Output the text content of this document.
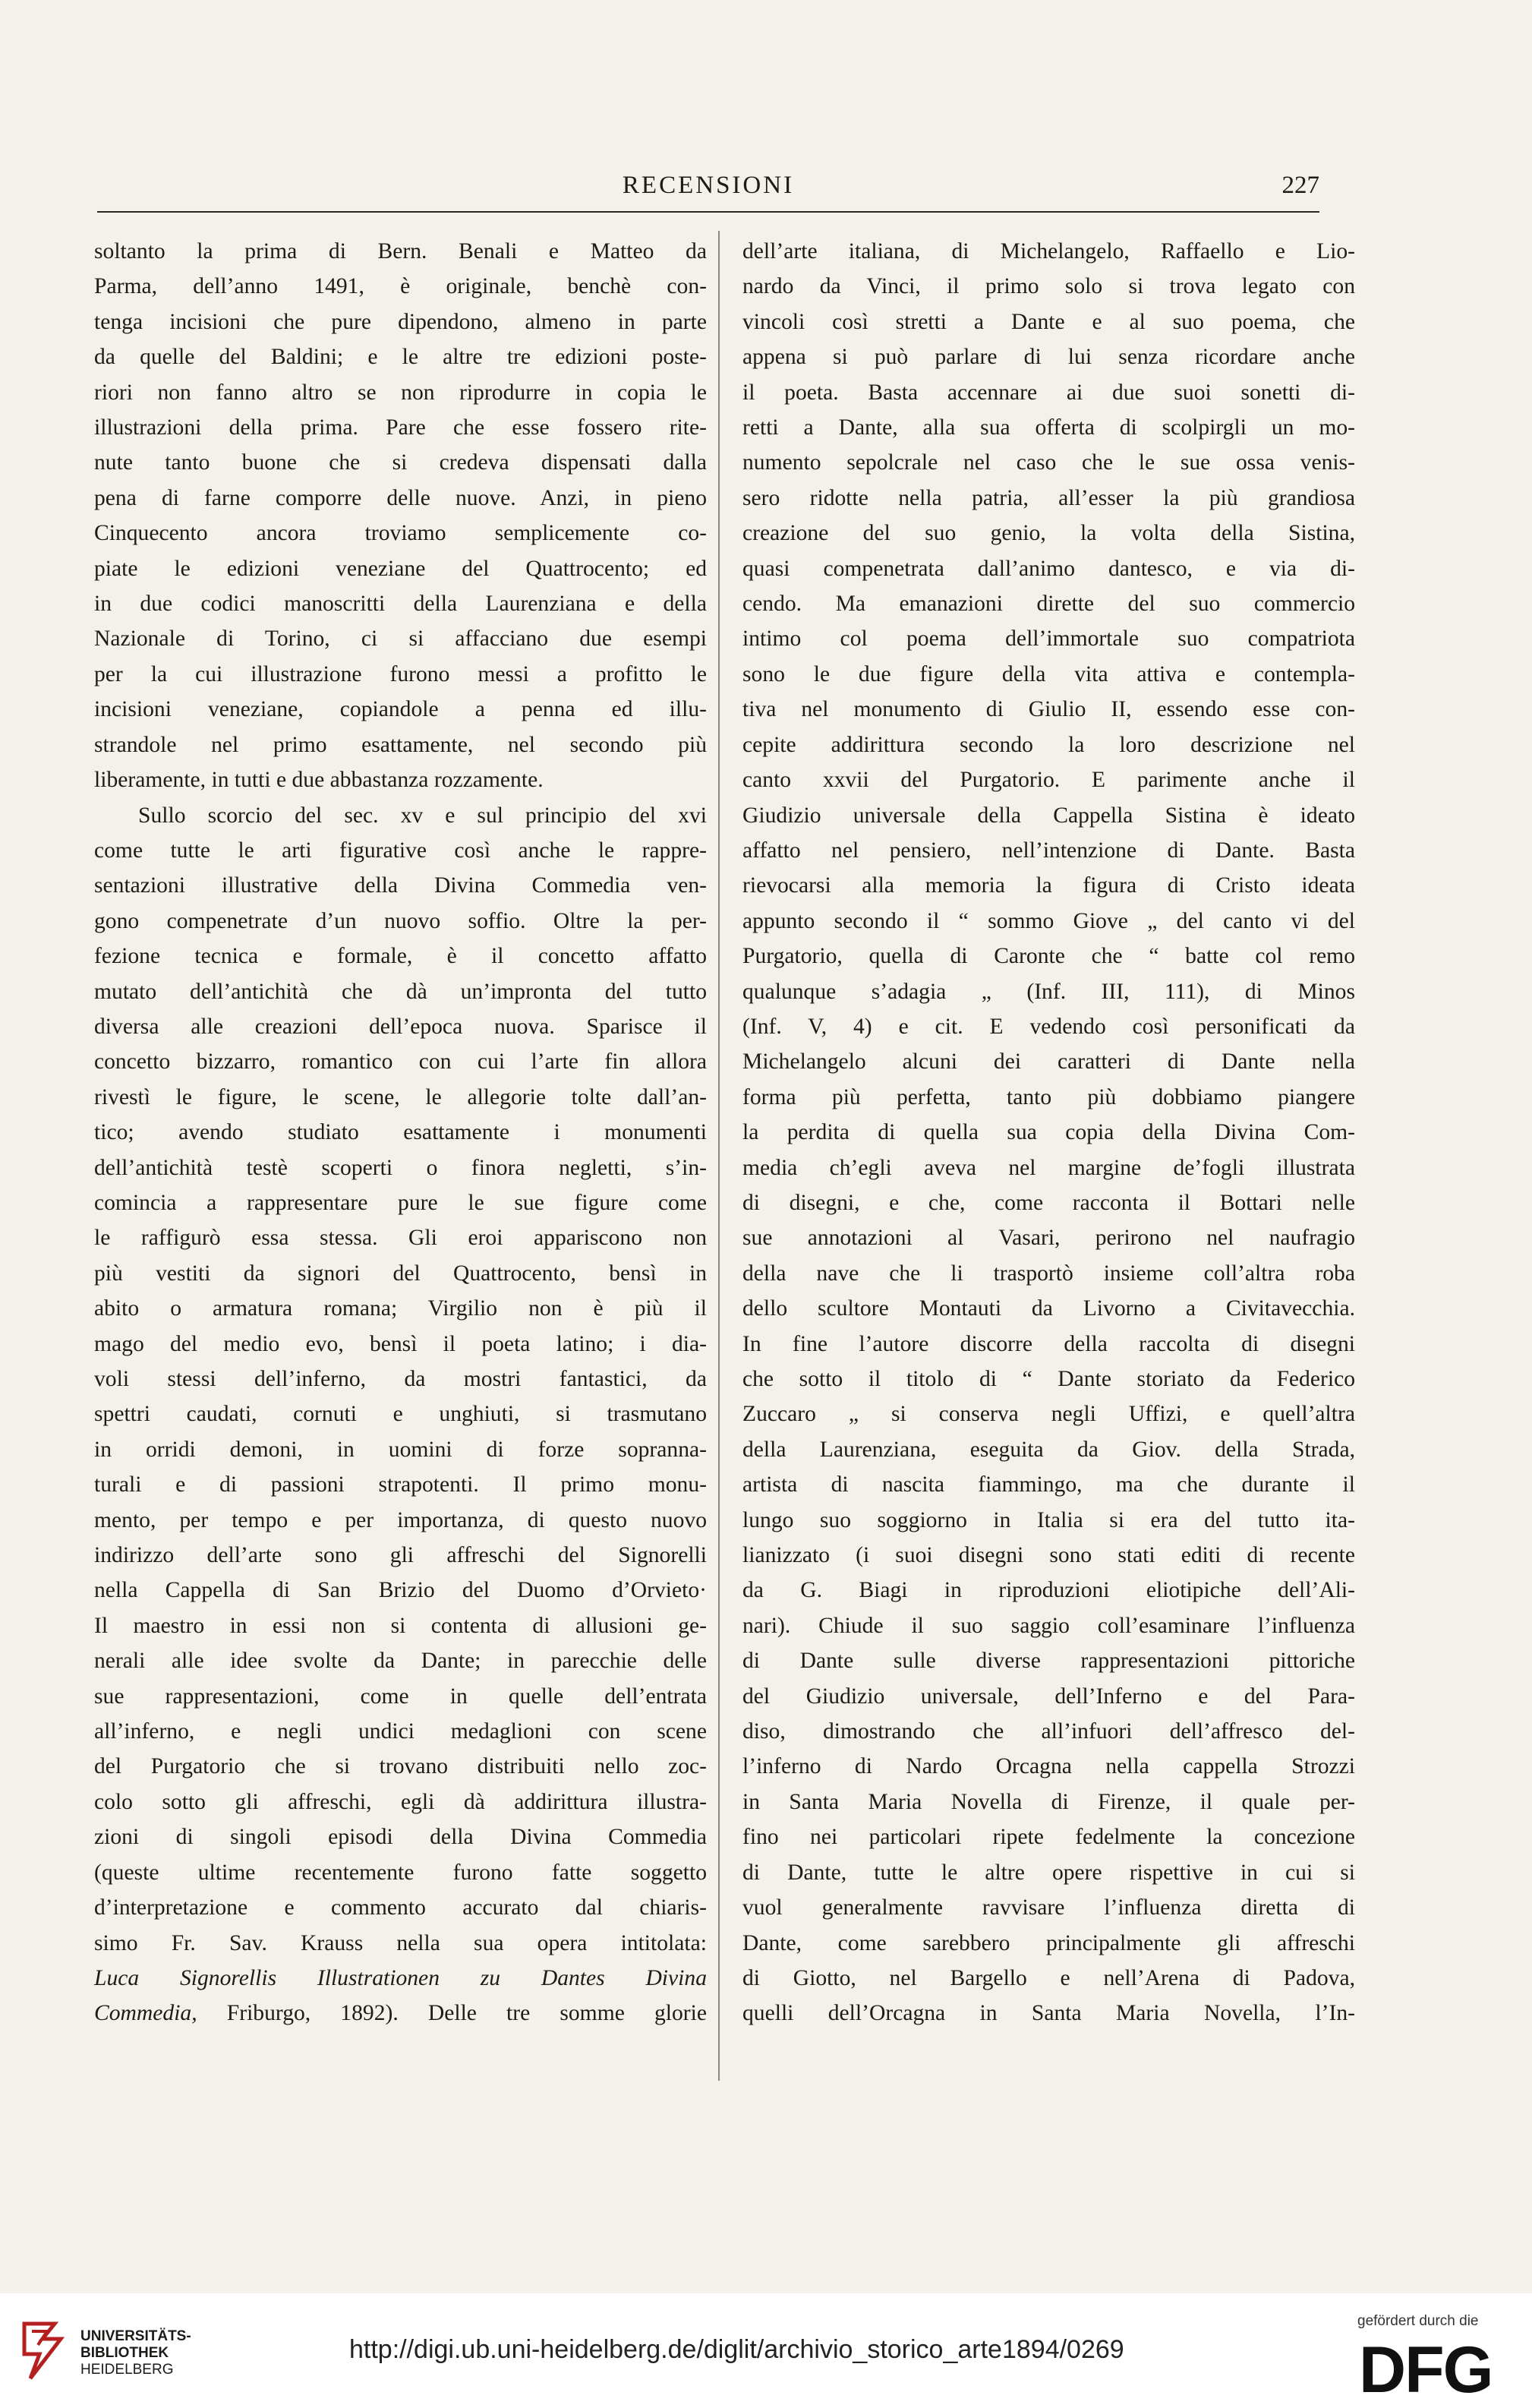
RECENSIONI	227
soltanto la prima di Bern. Benali e Matteo da
Parma, dell’anno 1491, è originale, benchè con-
tenga incisioni che pure dipendono, almeno in parte
da quelle del Baldini; e le altre tre edizioni poste-
riori non fanno altro se non riprodurre in copia le
illustrazioni della prima. Pare che esse fossero rite-
nute tanto buone che si credeva dispensati dalla
pena di farne comporre delle nuove. Anzi, in pieno
Cinquecento ancora troviamo semplicemente co-
piate le edizioni veneziane del Quattrocento; ed
in due codici manoscritti della Laurenziana e della
Nazionale di Torino, ci si affacciano due esempi
per la cui illustrazione furono messi a profitto le
incisioni veneziane, copiandole a penna ed illu-
strandole nel primo esattamente, nel secondo più
liberamente, in tutti e due abbastanza rozzamente.
Sullo scorcio del sec. xv e sul principio del xvi
come tutte le arti figurative così anche le rappre-
sentazioni illustrative della Divina Commedia ven-
gono compenetrate d’un nuovo soffio. Oltre la per-
fezione tecnica e formale, è il concetto affatto
mutato dell’antichità che dà un’impronta del tutto
diversa alle creazioni dell’epoca nuova. Sparisce il
concetto bizzarro, romantico con cui l’arte fin allora
rivestì le figure, le scene, le allegorie tolte dall’an-
tico; avendo studiato esattamente i monumenti
dell’antichità testè scoperti o finora negletti, s’in-
comincia a rappresentare pure le sue figure come
le raffigurò essa stessa. Gli eroi appariscono non
più vestiti da signori del Quattrocento, bensì in
abito o armatura romana; Virgilio non è più il
mago del medio evo, bensì il poeta latino; i dia-
voli stessi dell’inferno, da mostri fantastici, da
spettri caudati, cornuti e unghiuti, si trasmutano
in orridi demoni, in uomini di forze sopranna-
turali e di passioni strapotenti. Il primo monu-
mento, per tempo e per importanza, di questo nuovo
indirizzo dell’arte sono gli affreschi del Signorelli
nella Cappella di San Brizio del Duomo d’Orvieto·
Il maestro in essi non si contenta di allusioni ge-
nerali alle idee svolte da Dante; in parecchie delle
sue rappresentazioni, come in quelle dell’entrata
all’inferno, e negli undici medaglioni con scene
del Purgatorio che si trovano distribuiti nello zoc-
colo sotto gli affreschi, egli dà addirittura illustra-
zioni di singoli episodi della Divina Commedia
(queste ultime recentemente furono fatte soggetto
d’interpretazione e commento accurato dal chiaris-
simo Fr. Sav. Krauss nella sua opera intitolata:
Luca Signorellis Illustrationen zu Dantes Divina
Commedia, Friburgo, 1892). Delle tre somme glorie
dell’arte italiana, di Michelangelo, Raffaello e Lio-
nardo da Vinci, il primo solo si trova legato con
vincoli così stretti a Dante e al suo poema, che
appena si può parlare di lui senza ricordare anche
il poeta. Basta accennare ai due suoi sonetti di-
retti a Dante, alla sua offerta di scolpirgli un mo-
numento sepolcrale nel caso che le sue ossa venis-
sero ridotte nella patria, all’esser la più grandiosa
creazione del suo genio, la volta della Sistina,
quasi compenetrata dall’animo dantesco, e via di-
cendo. Ma emanazioni dirette del suo commercio
intimo col poema dell’immortale suo compatriota
sono le due figure della vita attiva e contempla-
tiva nel monumento di Giulio II, essendo esse con-
cepite addirittura secondo la loro descrizione nel
canto xxvii del Purgatorio. E parimente anche il
Giudizio universale della Cappella Sistina è ideato
affatto nel pensiero, nell’intenzione di Dante. Basta
rievocarsi alla memoria la figura di Cristo ideata
appunto secondo il “ sommo Giove „ del canto vi del
Purgatorio, quella di Caronte che “ batte col remo
qualunque s’adagia „ (Inf. III, 111), di Minos
(Inf. V, 4) e cit. E vedendo così personificati da
Michelangelo alcuni dei caratteri di Dante nella
forma più perfetta, tanto più dobbiamo piangere
la perdita di quella sua copia della Divina Com-
media ch’egli aveva nel margine de’fogli illustrata
di disegni, e che, come racconta il Bottari nelle
sue annotazioni al Vasari, perirono nel naufragio
della nave che li trasportò insieme coll’altra roba
dello scultore Montauti da Livorno a Civitavecchia.
In fine l’autore discorre della raccolta di disegni
che sotto il titolo di “ Dante storiato da Federico
Zuccaro „ si conserva negli Uffizi, e quell’altra
della Laurenziana, eseguita da Giov. della Strada,
artista di nascita fiammingo, ma che durante il
lungo suo soggiorno in Italia si era del tutto ita-
lianizzato (i suoi disegni sono stati editi di recente
da G. Biagi in riproduzioni eliotipiche dell’Ali-
nari). Chiude il suo saggio coll’esaminare l’influenza
di Dante sulle diverse rappresentazioni pittoriche
del Giudizio universale, dell’Inferno e del Para-
diso, dimostrando che all’infuori dell’affresco del-
l’inferno di Nardo Orcagna nella cappella Strozzi
in Santa Maria Novella di Firenze, il quale per-
fino nei particolari ripete fedelmente la concezione
di Dante, tutte le altre opere rispettive in cui si
vuol generalmente ravvisare l’influenza diretta di
Dante, come sarebbero principalmente gli affreschi
di Giotto, nel Bargello e nell’Arena di Padova,
quelli dell’Orcagna in Santa Maria Novella, l’In-
UNIVERSITÄTS-
BIBLIOTHEK
HEIDELBERG
http://digi.ub.uni-heidelberg.de/diglit/archivio_storico_arte1894/0269
gefördert durch die
DFG
